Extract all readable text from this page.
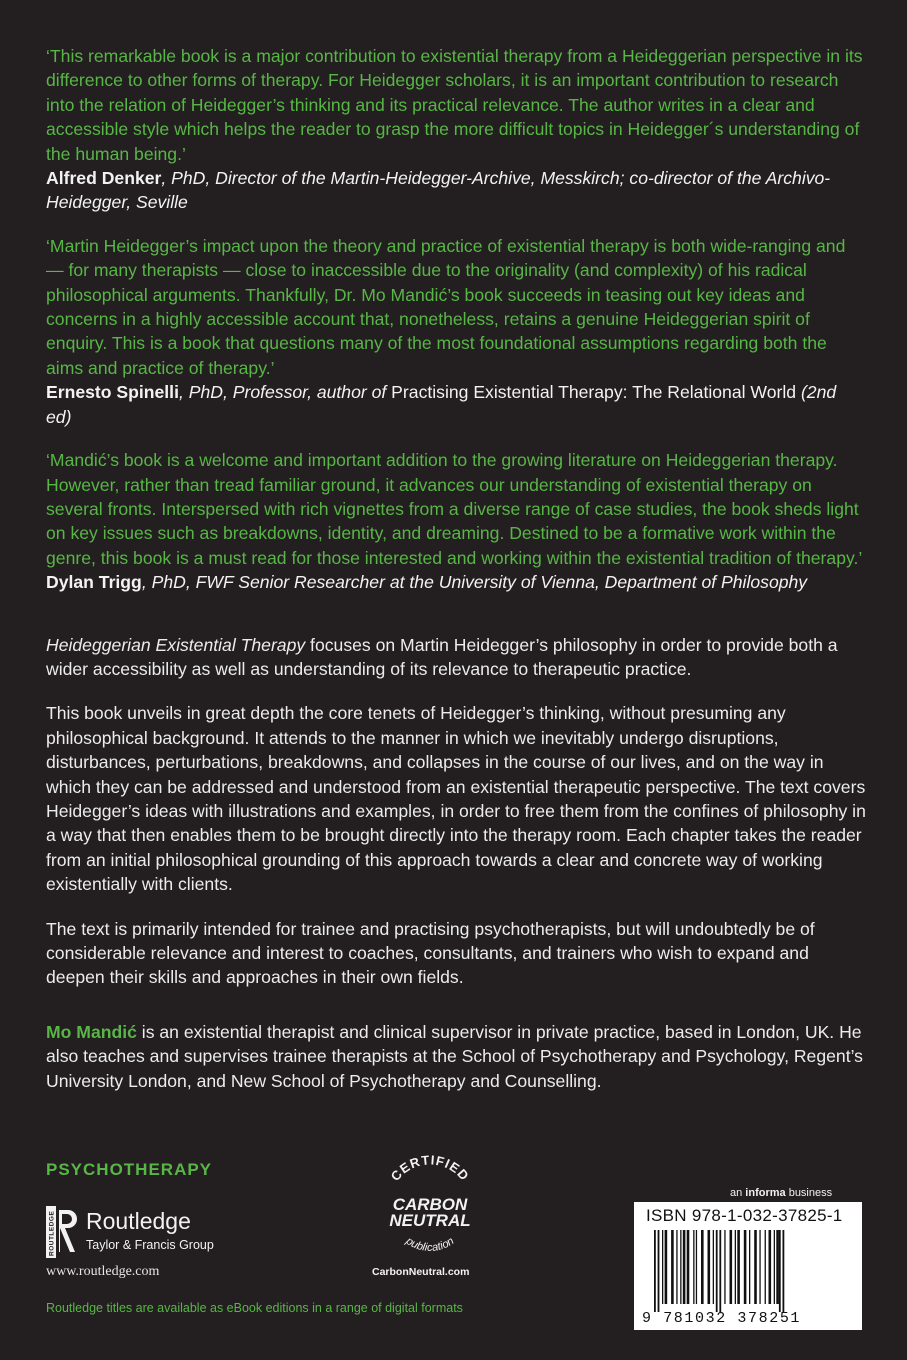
‘This remarkable book is a major contribution to existential therapy from a Heideggerian perspective in its difference to other forms of therapy. For Heidegger scholars, it is an important contribution to research into the relation of Heidegger’s thinking and its practical relevance. The author writes in a clear and accessible style which helps the reader to grasp the more difficult topics in Heidegger´s understanding of the human being.’

Alfred Denker, PhD, Director of the Martin-Heidegger-Archive, Messkirch; co-director of the Archivo-Heidegger, Seville

‘Martin Heidegger’s impact upon the theory and practice of existential therapy is both wide-ranging and — for many therapists — close to inaccessible due to the originality (and complexity) of his radical philosophical arguments. Thankfully, Dr. Mo Mandić’s book succeeds in teasing out key ideas and concerns in a highly accessible account that, nonetheless, retains a genuine Heideggerian spirit of enquiry. This is a book that questions many of the most foundational assumptions regarding both the aims and practice of therapy.’

Ernesto Spinelli, PhD, Professor, author of Practising Existential Therapy: The Relational World (2nd ed)

‘Mandić’s book is a welcome and important addition to the growing literature on Heideggerian therapy. However, rather than tread familiar ground, it advances our understanding of existential therapy on several fronts. Interspersed with rich vignettes from a diverse range of case studies, the book sheds light on key issues such as breakdowns, identity, and dreaming. Destined to be a formative work within the genre, this book is a must read for those interested and working within the existential tradition of therapy.’

Dylan Trigg, PhD, FWF Senior Researcher at the University of Vienna, Department of Philosophy

Heideggerian Existential Therapy focuses on Martin Heidegger’s philosophy in order to provide both a wider accessibility as well as understanding of its relevance to therapeutic practice.

This book unveils in great depth the core tenets of Heidegger’s thinking, without presuming any philosophical background. It attends to the manner in which we inevitably undergo disruptions, disturbances, perturbations, breakdowns, and collapses in the course of our lives, and on the way in which they can be addressed and understood from an existential therapeutic perspective. The text covers Heidegger’s ideas with illustrations and examples, in order to free them from the confines of philosophy in a way that then enables them to be brought directly into the therapy room. Each chapter takes the reader from an initial philosophical grounding of this approach towards a clear and concrete way of working existentially with clients.

The text is primarily intended for trainee and practising psychotherapists, but will undoubtedly be of considerable relevance and interest to coaches, consultants, and trainers who wish to expand and deepen their skills and approaches in their own fields.

Mo Mandić is an existential therapist and clinical supervisor in private practice, based in London, UK. He also teaches and supervises trainee therapists at the School of Psychotherapy and Psychology, Regent’s University London, and New School of Psychotherapy and Counselling.

PSYCHOTHERAPY
ROUTLEDGE Routledge
Taylor & Francis Group
www.routledge.com
Routledge titles are available as eBook editions in a range of digital formats
CERTIFIED
CARBON
NEUTRAL
publication
CarbonNeutral.com
an informa business
ISBN 978-1-032-37825-1
9 781032 378251
